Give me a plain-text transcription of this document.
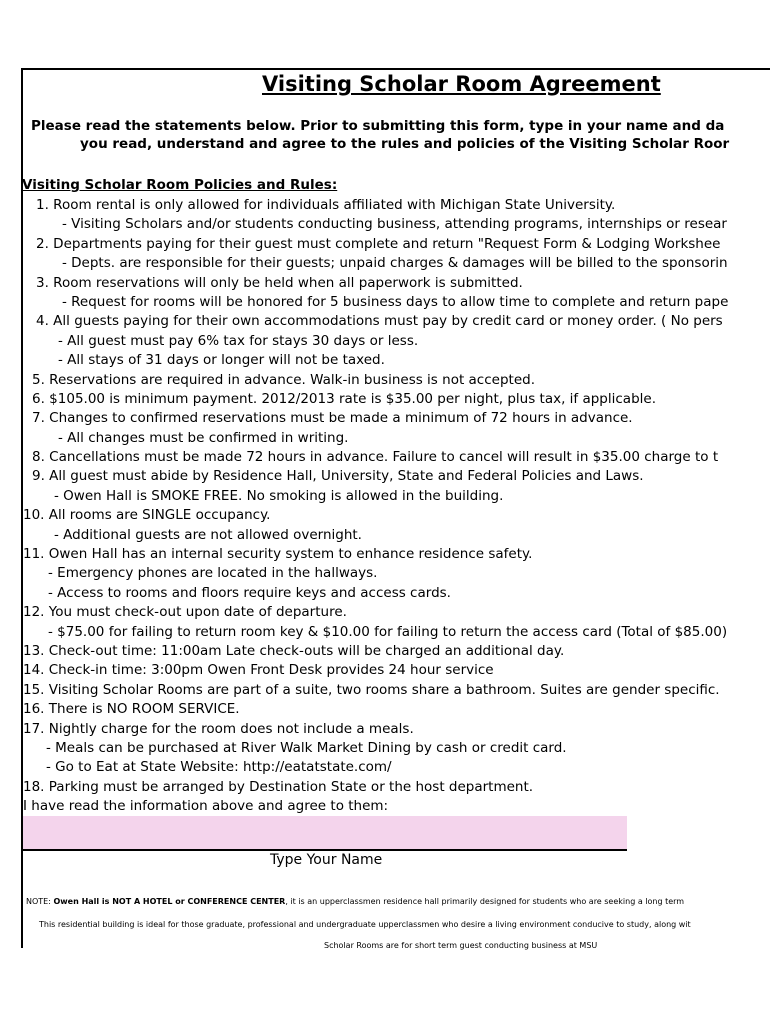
Visiting Scholar Room Agreement
Please read the statements below. Prior to submitting this form, type in your name and da
you read, understand and agree to the rules and policies of the Visiting Scholar Roor
Visiting Scholar Room Policies and Rules:
1. Room rental is only allowed for individuals affiliated with Michigan State University.
- Visiting Scholars and/or students conducting business, attending programs, internships or resear
2. Departments paying for their guest must complete and return "Request Form & Lodging Workshee
- Depts. are responsible for their guests; unpaid charges & damages will be billed to the sponsorin
3. Room reservations will only be held when all paperwork is submitted.
- Request for rooms will be honored for 5 business days to allow time to complete and return pape
4. All guests paying for their own accommodations must pay by credit card or money order. ( No pers
- All guest must pay 6% tax for stays 30 days or less.
- All stays of 31 days or longer will not be taxed.
5. Reservations are required in advance. Walk-in business is not accepted.
6. $105.00 is minimum payment. 2012/2013 rate is $35.00 per night, plus tax, if applicable.
7. Changes to confirmed reservations must be made a minimum of 72 hours in advance.
- All changes must be confirmed in writing.
8. Cancellations must be made 72 hours in advance. Failure to cancel will result in $35.00 charge to t
9. All guest must abide by Residence Hall, University, State and Federal Policies and Laws.
- Owen Hall is SMOKE FREE. No smoking is allowed in the building.
10. All rooms are SINGLE occupancy.
- Additional guests are not allowed overnight.
11. Owen Hall has an internal security system to enhance residence safety.
- Emergency phones are located in the hallways.
- Access to rooms and floors require keys and access cards.
12. You must check-out upon date of departure.
- $75.00 for failing to return room key & $10.00 for failing to return the access card (Total of $85.00)
13. Check-out time: 11:00am Late check-outs will be charged an additional day.
14. Check-in time: 3:00pm Owen Front Desk provides 24 hour service
15. Visiting Scholar Rooms are part of a suite, two rooms share a bathroom. Suites are gender specific.
16. There is NO ROOM SERVICE.
17. Nightly charge for the room does not include a meals.
- Meals can be purchased at River Walk Market Dining by cash or credit card.
- Go to Eat at State Website: http://eatatstate.com/
18. Parking must be arranged by Destination State or the host department.
I have read the information above and agree to them:
Type Your Name
NOTE: Owen Hall is NOT A HOTEL or CONFERENCE CENTER, it is an upperclassmen residence hall primarily designed for students who are seeking a long term
This residential building is ideal for those graduate, professional and undergraduate upperclassmen who desire a living environment conducive to study, along wit
Scholar Rooms are for short term guest conducting business at MSU
